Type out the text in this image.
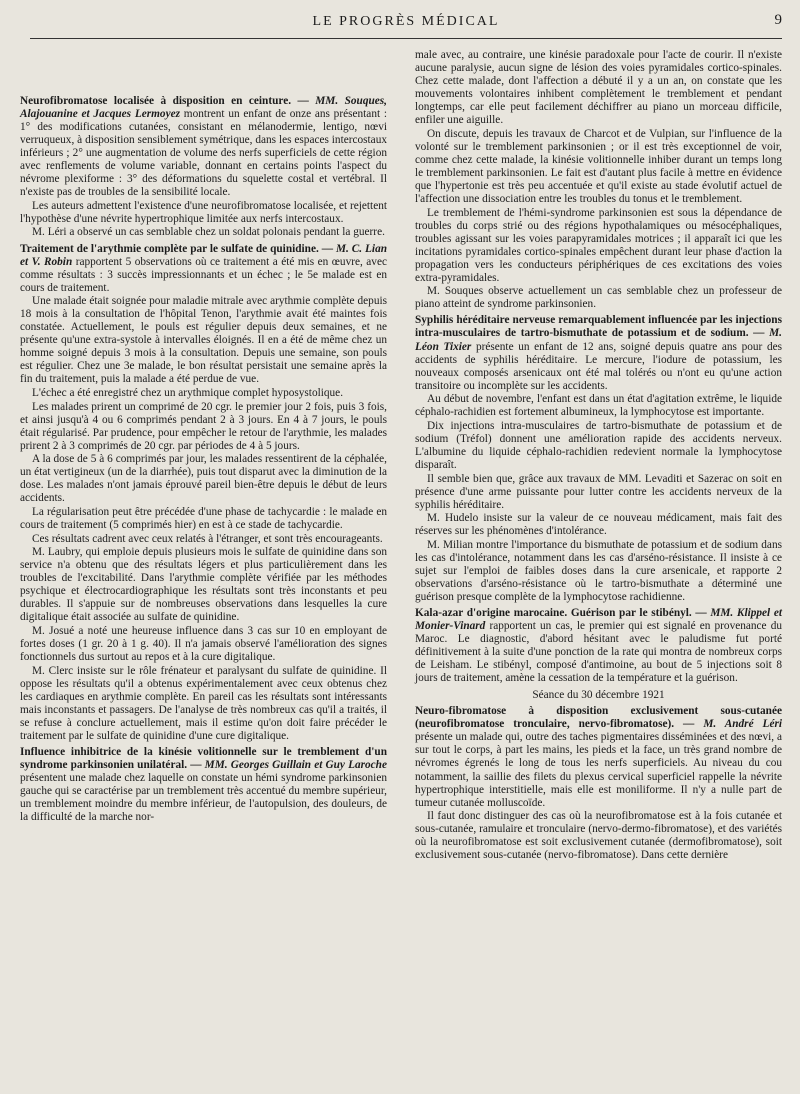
LE PROGRÈS MÉDICAL	9

Neurofibromatose localisée à disposition en ceinture. — MM. Souques, Alajouanine et Jacques Lermoyez montrent un enfant de onze ans présentant : 1° des modifications cutanées, consistant en mélanodermie, lentigo, nœvi verruqueux, à disposition sensiblement symétrique, dans les espaces intercostaux inférieurs ; 2° une augmentation de volume des nerfs superficiels de cette région avec renflements de volume variable, donnant en certains points l'aspect du névrome plexiforme : 3° des déformations du squelette costal et vertébral. Il n'existe pas de troubles de la sensibilité locale.

Les auteurs admettent l'existence d'une neurofibromatose localisée, et rejettent l'hypothèse d'une névrite hypertrophique limitée aux nerfs intercostaux.

M. Léri a observé un cas semblable chez un soldat polonais pendant la guerre.

Traitement de l'arythmie complète par le sulfate de quinidine. — M. C. Lian et V. Robin rapportent 5 observations où ce traitement a été mis en œuvre, avec comme résultats : 3 succès impressionnants et un échec ; le 5e malade est en cours de traitement.

Une malade était soignée pour maladie mitrale avec arythmie complète depuis 18 mois à la consultation de l'hôpital Tenon, l'arythmie avait été maintes fois constatée. Actuellement, le pouls est régulier depuis deux semaines, et ne présente qu'une extra-systole à intervalles éloignés. Il en a été de même chez un homme soigné depuis 3 mois à la consultation. Depuis une semaine, son pouls est régulier. Chez une 3e malade, le bon résultat persistait une semaine après la fin du traitement, puis la malade a été perdue de vue.

L'échec a été enregistré chez un arythmique complet hyposystolique.

Les malades prirent un comprimé de 20 cgr. le premier jour 2 fois, puis 3 fois, et ainsi jusqu'à 4 ou 6 comprimés pendant 2 à 3 jours. En 4 à 7 jours, le pouls était régularisé. Par prudence, pour empêcher le retour de l'arythmie, les malades prirent 2 à 3 comprimés de 20 cgr. par périodes de 4 à 5 jours.

A la dose de 5 à 6 comprimés par jour, les malades ressentirent de la céphalée, un état vertigineux (un de la diarrhée), puis tout disparut avec la diminution de la dose. Les malades n'ont jamais éprouvé pareil bien-être depuis le début de leurs accidents.

La régularisation peut être précédée d'une phase de tachycardie : le malade en cours de traitement (5 comprimés hier) en est à ce stade de tachycardie.

Ces résultats cadrent avec ceux relatés à l'étranger, et sont très encourageants.

M. Laubry, qui emploie depuis plusieurs mois le sulfate de quinidine dans son service n'a obtenu que des résultats légers et plus particulièrement dans les troubles de l'excitabilité. Dans l'arythmie complète vérifiée par les méthodes psychique et électrocardiographique les résultats sont très inconstants et peu durables. Il s'appuie sur de nombreuses observations dans lesquelles la cure digitalique était associée au sulfate de quinidine.

M. Josué a noté une heureuse influence dans 3 cas sur 10 en employant de fortes doses (1 gr. 20 à 1 g. 40). Il n'a jamais observé l'amélioration des signes fonctionnels dus surtout au repos et à la cure digitalique.

M. Clerc insiste sur le rôle frénateur et paralysant du sulfate de quinidine. Il oppose les résultats qu'il a obtenus expérimentalement avec ceux obtenus chez les cardiaques en arythmie complète. En pareil cas les résultats sont intéressants mais inconstants et passagers. De l'analyse de très nombreux cas qu'il a traités, il se refuse à conclure actuellement, mais il estime qu'on doit faire précéder le traitement par le sulfate de quinidine d'une cure digitalique.

Influence inhibitrice de la kinésie volitionnelle sur le tremblement d'un syndrome parkinsonien unilatéral. — MM. Georges Guillain et Guy Laroche présentent une malade chez laquelle on constate un hémi syndrome parkinsonien gauche qui se caractérise par un tremblement très accentué du membre supérieur, un tremblement moindre du membre inférieur, de l'autopulsion, des douleurs, de la difficulté de la marche nor-

male avec, au contraire, une kinésie paradoxale pour l'acte de courir. Il n'existe aucune paralysie, aucun signe de lésion des voies pyramidales cortico-spinales. Chez cette malade, dont l'affection a débuté il y a un an, on constate que les mouvements volontaires inhibent complètement le tremblement et pendant longtemps, car elle peut facilement déchiffrer au piano un morceau difficile, enfiler une aiguille.

On discute, depuis les travaux de Charcot et de Vulpian, sur l'influence de la volonté sur le tremblement parkinsonien ; or il est très exceptionnel de voir, comme chez cette malade, la kinésie volitionnelle inhiber durant un temps long le tremblement parkinsonien. Le fait est d'autant plus facile à mettre en évidence que l'hypertonie est très peu accentuée et qu'il existe au stade évolutif actuel de l'affection une dissociation entre les troubles du tonus et le tremblement.

Le tremblement de l'hémi-syndrome parkinsonien est sous la dépendance de troubles du corps strié ou des régions hypothalamiques ou mésocéphaliques, troubles agissant sur les voies parapyramidales motrices ; il apparaît ici que les incitations pyramidales cortico-spinales empêchent durant leur phase d'action la propagation vers les conducteurs périphériques de ces excitations des voies extra-pyramidales.

M. Souques observe actuellement un cas semblable chez un professeur de piano atteint de syndrome parkinsonien.

Syphilis héréditaire nerveuse remarquablement influencée par les injections intra-musculaires de tartro-bismuthate de potassium et de sodium. — M. Léon Tixier présente un enfant de 12 ans, soigné depuis quatre ans pour des accidents de syphilis héréditaire. Le mercure, l'iodure de potassium, les nouveaux composés arsenicaux ont été mal tolérés ou n'ont eu qu'une action transitoire ou incomplète sur les accidents.

Au début de novembre, l'enfant est dans un état d'agitation extrême, le liquide céphalo-rachidien est fortement albumineux, la lymphocytose est importante.

Dix injections intra-musculaires de tartro-bismuthate de potassium et de sodium (Tréfol) donnent une amélioration rapide des accidents nerveux. L'albumine du liquide céphalo-rachidien redevient normale la lymphocytose disparaît.

Il semble bien que, grâce aux travaux de MM. Levaditi et Sazerac on soit en présence d'une arme puissante pour lutter contre les accidents nerveux de la syphilis héréditaire.

M. Hudelo insiste sur la valeur de ce nouveau médicament, mais fait des réserves sur les phénomènes d'intolérance.

M. Milian montre l'importance du bismuthate de potassium et de sodium dans les cas d'intolérance, notamment dans les cas d'arséno-résistance. Il insiste à ce sujet sur l'emploi de faibles doses dans la cure arsenicale, et rapporte 2 observations d'arséno-résistance où le tartro-bismuthate a déterminé une guérison presque complète de la lymphocytose rachidienne.

Kala-azar d'origine marocaine. Guérison par le stibényl. — MM. Klippel et Monier-Vinard rapportent un cas, le premier qui est signalé en provenance du Maroc. Le diagnostic, d'abord hésitant avec le paludisme fut porté définitivement à la suite d'une ponction de la rate qui montra de nombreux corps de Leisham. Le stibényl, composé d'antimoine, au bout de 5 injections soit 8 jours de traitement, amène la cessation de la température et la guérison.

Séance du 30 décembre 1921

Neuro-fibromatose à disposition exclusivement sous-cutanée (neurofibromatose tronculaire, nervo-fibromatose). — M. André Léri présente un malade qui, outre des taches pigmentaires disséminées et des nœvi, a sur tout le corps, à part les mains, les pieds et la face, un très grand nombre de névromes égrenés le long de tous les nerfs superficiels. Au niveau du cou notamment, la saillie des filets du plexus cervical superficiel rappelle la névrite hypertrophique interstitielle, mais elle est moniliforme. Il n'y a nulle part de tumeur cutanée molluscoïde.

Il faut donc distinguer des cas où la neurofibromatose est à la fois cutanée et sous-cutanée, ramulaire et tronculaire (nervo-dermo-fibromatose), et des variétés où la neurofibromatose est soit exclusivement cutanée (dermofibromatose), soit exclusivement sous-cutanée (nervo-fibromatose). Dans cette dernière
